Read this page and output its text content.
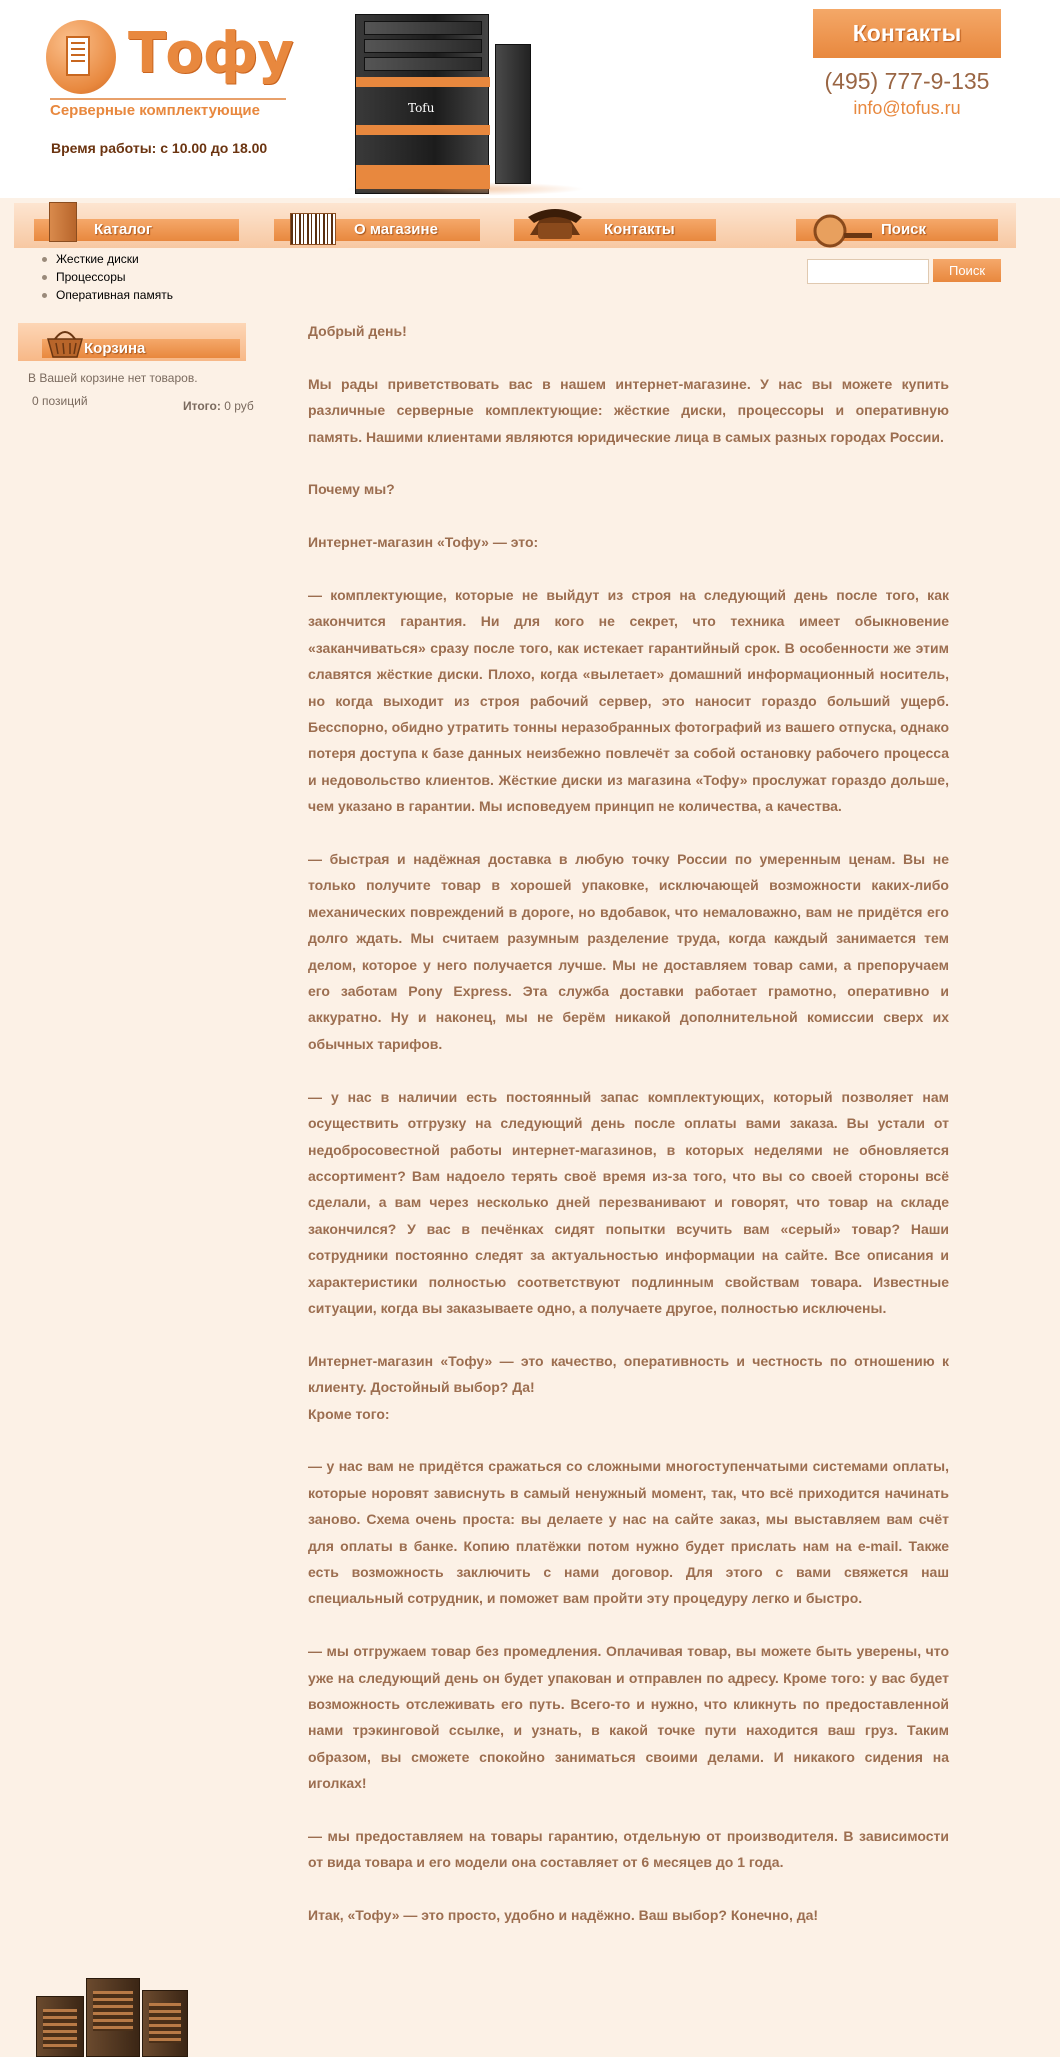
Тофу
Серверные комплектующие
Время работы: с 10.00 до 18.00
Tofu
Контакты
(495) 777-9-135
info@tofus.ru
Каталог	О магазине	Контакты	Поиск
Жесткие диски
Процессоры
Оперативная память
Поиск
Корзина
В Вашей корзине нет товаров.
0 позиций	Итого: 0 руб

Добрый день!

Мы рады приветствовать вас в нашем интернет-магазине. У нас вы можете купить различные серверные комплектующие: жёсткие диски, процессоры и оперативную память. Нашими клиентами являются юридические лица в самых разных городах России.

Почему мы?

Интернет-магазин «Тофу» — это:

— комплектующие, которые не выйдут из строя на следующий день после того, как закончится гарантия. Ни для кого не секрет, что техника имеет обыкновение «заканчиваться» сразу после того, как истекает гарантийный срок. В особенности же этим славятся жёсткие диски. Плохо, когда «вылетает» домашний информационный носитель, но когда выходит из строя рабочий сервер, это наносит гораздо больший ущерб. Бесспорно, обидно утратить тонны неразобранных фотографий из вашего отпуска, однако потеря доступа к базе данных неизбежно повлечёт за собой остановку рабочего процесса и недовольство клиентов. Жёсткие диски из магазина «Тофу» прослужат гораздо дольше, чем указано в гарантии. Мы исповедуем принцип не количества, а качества.

— быстрая и надёжная доставка в любую точку России по умеренным ценам. Вы не только получите товар в хорошей упаковке, исключающей возможности каких-либо механических повреждений в дороге, но вдобавок, что немаловажно, вам не придётся его долго ждать. Мы считаем разумным разделение труда, когда каждый занимается тем делом, которое у него получается лучше. Мы не доставляем товар сами, а препоручаем его заботам Pony Express. Эта служба доставки работает грамотно, оперативно и аккуратно. Ну и наконец, мы не берём никакой дополнительной комиссии сверх их обычных тарифов.

— у нас в наличии есть постоянный запас комплектующих, который позволяет нам осуществить отгрузку на следующий день после оплаты вами заказа. Вы устали от недобросовестной работы интернет-магазинов, в которых неделями не обновляется ассортимент? Вам надоело терять своё время из-за того, что вы со своей стороны всё сделали, а вам через несколько дней перезванивают и говорят, что товар на складе закончился? У вас в печёнках сидят попытки всучить вам «серый» товар? Наши сотрудники постоянно следят за актуальностью информации на сайте. Все описания и характеристики полностью соответствуют подлинным свойствам товара. Известные ситуации, когда вы заказываете одно, а получаете другое, полностью исключены.

Интернет-магазин «Тофу» — это качество, оперативность и честность по отношению к клиенту. Достойный выбор? Да!

Кроме того:

— у нас вам не придётся сражаться со сложными многоступенчатыми системами оплаты, которые норовят зависнуть в самый ненужный момент, так, что всё приходится начинать заново. Схема очень проста: вы делаете у нас на сайте заказ, мы выставляем вам счёт для оплаты в банке. Копию платёжки потом нужно будет прислать нам на e-mail. Также есть возможность заключить с нами договор. Для этого с вами свяжется наш специальный сотрудник, и поможет вам пройти эту процедуру легко и быстро.

— мы отгружаем товар без промедления. Оплачивая товар, вы можете быть уверены, что уже на следующий день он будет упакован и отправлен по адресу. Кроме того: у вас будет возможность отслеживать его путь. Всего-то и нужно, что кликнуть по предоставленной нами трэкинговой ссылке, и узнать, в какой точке пути находится ваш груз. Таким образом, вы сможете спокойно заниматься своими делами. И никакого сидения на иголках!

— мы предоставляем на товары гарантию, отдельную от производителя. В зависимости от вида товара и его модели она составляет от 6 месяцев до 1 года.

Итак, «Тофу» — это просто, удобно и надёжно. Ваш выбор? Конечно, да!
